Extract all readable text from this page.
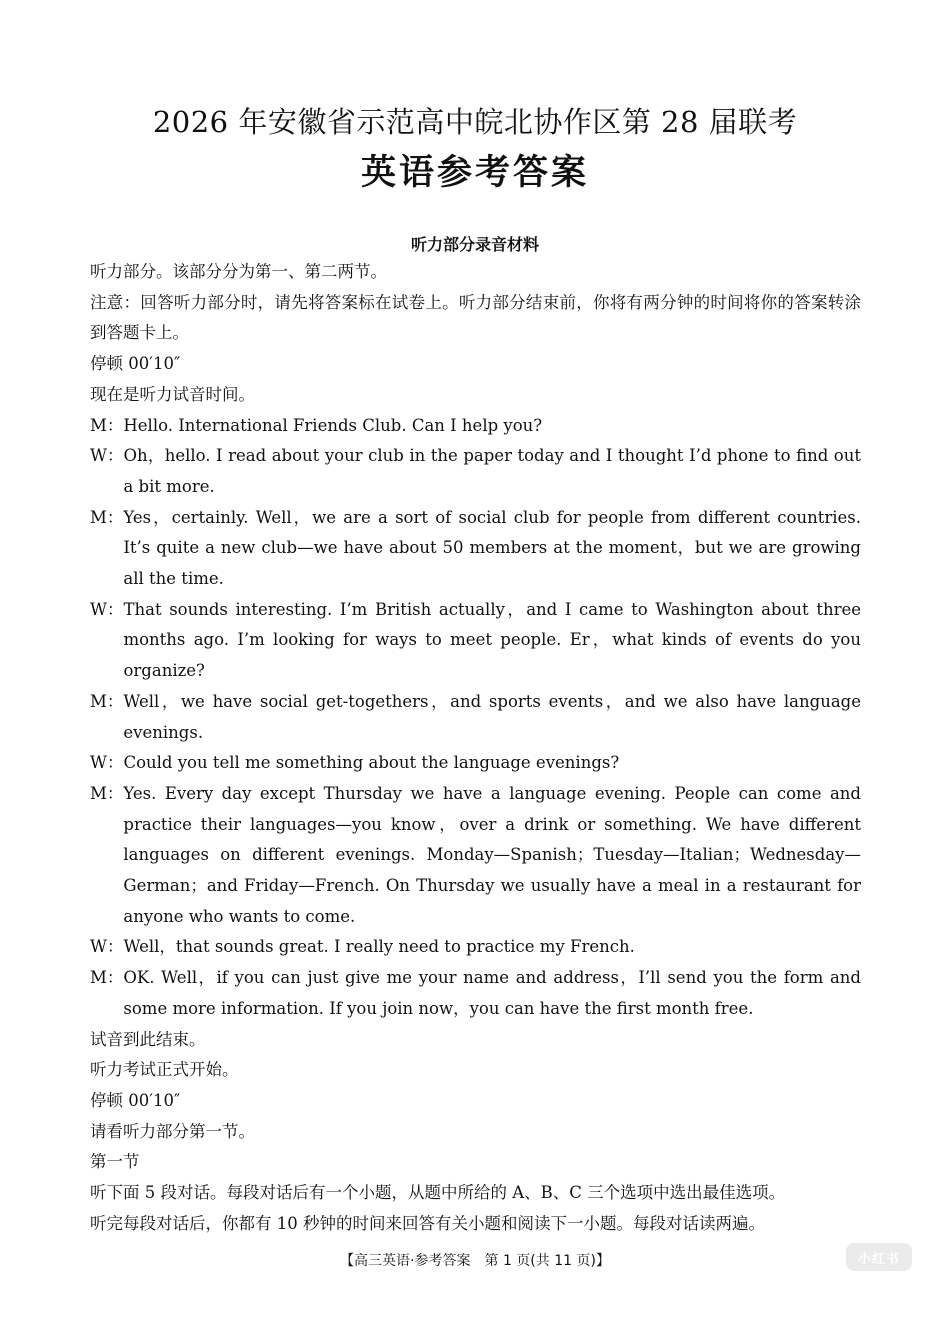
2026 年安徽省示范高中皖北协作区第 28 届联考
英语参考答案
听力部分录音材料

听力部分。该部分分为第一、第二两节。

注意：回答听力部分时，请先将答案标在试卷上。听力部分结束前，你将有两分钟的时间将你的答案转涂到答题卡上。

停顿 00′10″

现在是听力试音时间。

M： Hello. International Friends Club. Can I help you?
W： Oh，hello. I read about your club in the paper today and I thought I’d phone to find out a bit more.
M： Yes，certainly. Well，we are a sort of social club for people from different countries. It’s quite a new club—we have about 50 members at the moment，but we are growing all the time.
W： That sounds interesting. I’m British actually，and I came to Washington about three months ago. I’m looking for ways to meet people. Er，what kinds of events do you organize?
M： Well，we have social get-togethers，and sports events，and we also have language evenings.
W： Could you tell me something about the language evenings?
M： Yes. Every day except Thursday we have a language evening. People can come and practice their languages—you know，over a drink or something. We have different languages on different evenings. Monday—Spanish；Tuesday—Italian；Wednesday—German；and Friday—French. On Thursday we usually have a meal in a restaurant for anyone who wants to come.
W： Well，that sounds great. I really need to practice my French.
M： OK. Well，if you can just give me your name and address，I’ll send you the form and some more information. If you join now，you can have the first month free.

试音到此结束。

听力考试正式开始。

停顿 00′10″

请看听力部分第一节。

第一节

听下面 5 段对话。每段对话后有一个小题，从题中所给的 A、B、C 三个选项中选出最佳选项。

听完每段对话后，你都有 10 秒钟的时间来回答有关小题和阅读下一小题。每段对话读两遍。

【高三英语·参考答案　第 1 页(共 11 页)】	小红书
